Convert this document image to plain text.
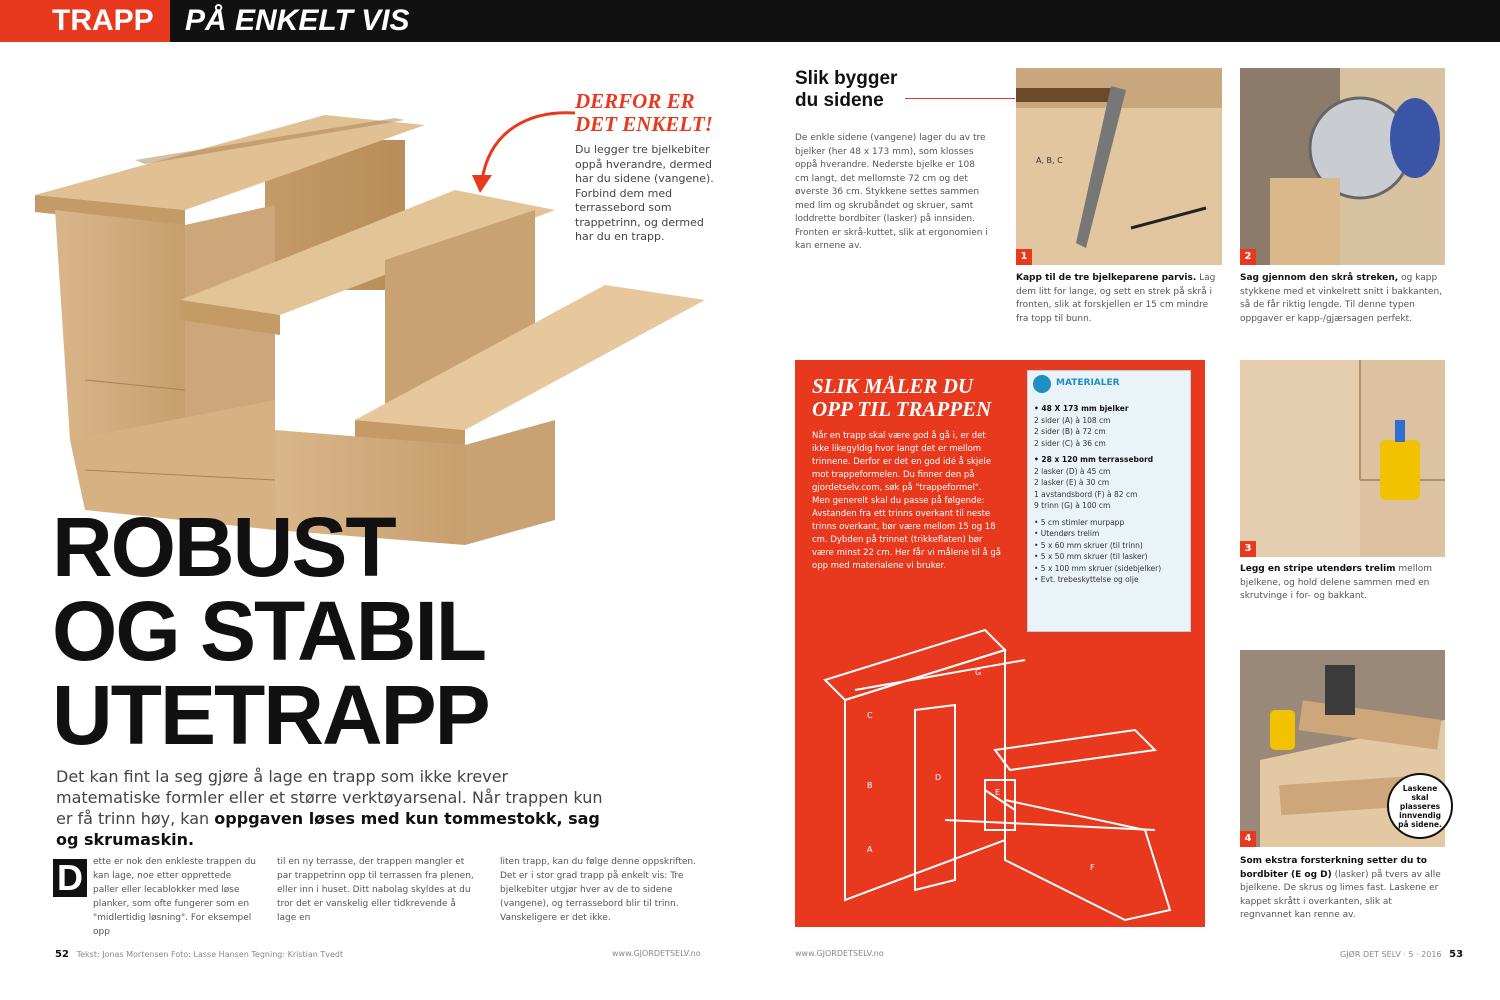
TRAPP	PÅ ENKELT VIS
DERFOR ER DET ENKELT!
Du legger tre bjelkebiter oppå hverandre, dermed har du sidene (vangene). Forbind dem med terrassebord som trappetrinn, og dermed har du en trapp.
ROBUST
OG STABIL
UTETRAPP
Det kan fint la seg gjøre å lage en trapp som ikke krever matematiske formler eller et større verktøyarsenal. Når trappen kun er få trinn høy, kan oppgaven løses med kun tommestokk, sag og skrumaskin.
D	ette er nok den enkleste trappen du kan lage, noe etter opprettede paller eller lecablokker med løse planker, som ofte fungerer som en "midlertidig løsning". For eksempel opp
til en ny terrasse, der trappen mangler et par trappetrinn opp til terrassen fra plenen, eller inn i huset. Ditt nabolag skyldes at du tror det er vanskelig eller tidkrevende å lage en
liten trapp, kan du følge denne oppskriften. Det er i stor grad trapp på enkelt vis: Tre bjelkebiter utgjør hver av de to sidene (vangene), og terrassebord blir til trinn. Vanskeligere er det ikke.
52 Tekst: Jonas Mortensen Foto: Lasse Hansen Tegning: Kristian Tvedt	www.GJORDETSELV.no	www.GJORDETSELV.no	GJØR DET SELV · 5 · 2016 53
Slik bygger du sidene
De enkle sidene (vangene) lager du av tre bjelker (her 48 x 173 mm), som klosses oppå hverandre. Nederste bjelke er 108 cm langt, det mellomste 72 cm og det øverste 36 cm. Stykkene settes sammen med lim og skrubåndet og skruer, samt loddrette bordbiter (lasker) på innsiden. Fronten er skrå-kuttet, slik at ergonomien i kan ernene av.
A, B, C
1
Kapp til de tre bjelkeparene parvis. Lag dem litt for lange, og sett en strek på skrå i fronten, slik at forskjellen er 15 cm mindre fra topp til bunn.
2
Sag gjennom den skrå streken, og kapp stykkene med et vinkelrett snitt i bakkanten, så de får riktig lengde. Til denne typen oppgaver er kapp-/gjærsagen perfekt.
C
B
A
G
E
F
D
SLIK MÅLER DU OPP TIL TRAPPEN
Når en trapp skal være god å gå i, er det ikke likegyldig hvor langt det er mellom trinnene. Derfor er det en god idé å skjele mot trappeformelen. Du finner den på gjordetselv.com, søk på "trappeformel". Men generelt skal du passe på følgende: Avstanden fra ett trinns overkant til neste trinns overkant, bør være mellom 15 og 18 cm. Dybden på trinnet (trikkeflaten) bør være minst 22 cm. Her får vi målene til å gå opp med materialene vi bruker.
MATERIALER
• 48 X 173 mm bjelker
2 sider (A) à 108 cm
2 sider (B) à 72 cm
2 sider (C) à 36 cm
• 28 x 120 mm terrassebord
2 lasker (D) à 45 cm
2 lasker (E) à 30 cm
1 avstandsbord (F) à 82 cm
9 trinn (G) à 100 cm
• 5 cm stimler murpapp
• Utendørs trelim
• 5 x 60 mm skruer (til trinn)
• 5 x 50 mm skruer (til lasker)
• 5 x 100 mm skruer (sidebjelker)
• Evt. trebeskyttelse og olje
3
Legg en stripe utendørs trelim mellom bjelkene, og hold delene sammen med en skrutvinge i for- og bakkant.
4
Laskene skal plasseres innvendig på sidene.
Som ekstra forsterkning setter du to bordbiter (E og D) (lasker) på tvers av alle bjelkene. De skrus og limes fast. Laskene er kappet skrått i overkanten, slik at regnvannet kan renne av.
